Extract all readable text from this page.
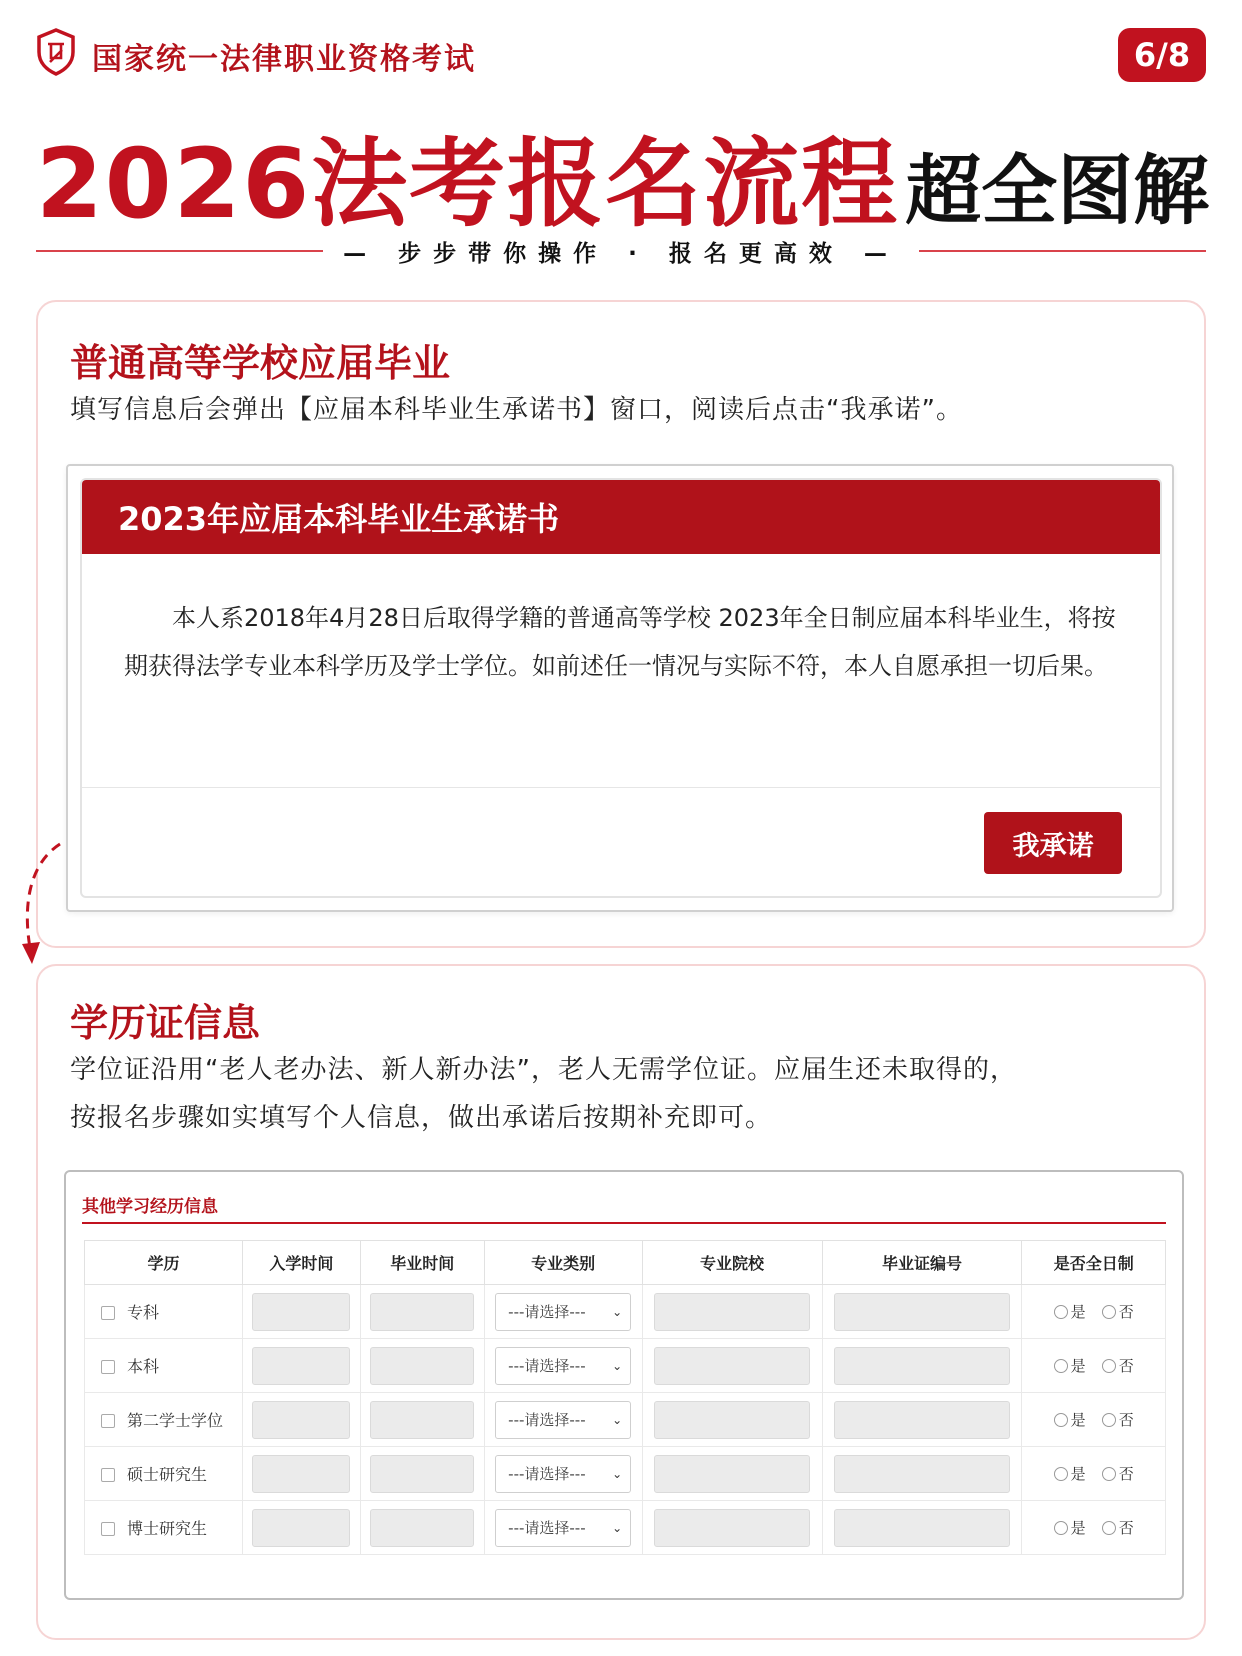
国家统一法律职业资格考试	6/8
2026法考报名流程超全图解
— 步步带你操作 · 报名更高效 —
普通高等学校应届毕业
填写信息后会弹出【应届本科毕业生承诺书】窗口，阅读后点击“我承诺”。
2023年应届本科毕业生承诺书
本人系2018年4月28日后取得学籍的普通高等学校 2023年全日制应届本科毕业生，将按期获得法学专业本科学历及学士学位。如前述任一情况与实际不符，本人自愿承担一切后果。
我承诺
学历证信息
学位证沿用“老人老办法、新人新办法”，老人无需学位证。应届生还未取得的，
按报名步骤如实填写个人信息，做出承诺后按期补充即可。
其他学习经历信息
学历	入学时间	毕业时间	专业类别	专业院校	毕业证编号	是否全日制
专科			---请选择--- ⌄			是 否
本科			---请选择--- ⌄			是 否
第二学士学位			---请选择--- ⌄			是 否
硕士研究生			---请选择--- ⌄			是 否
博士研究生			---请选择--- ⌄			是 否
